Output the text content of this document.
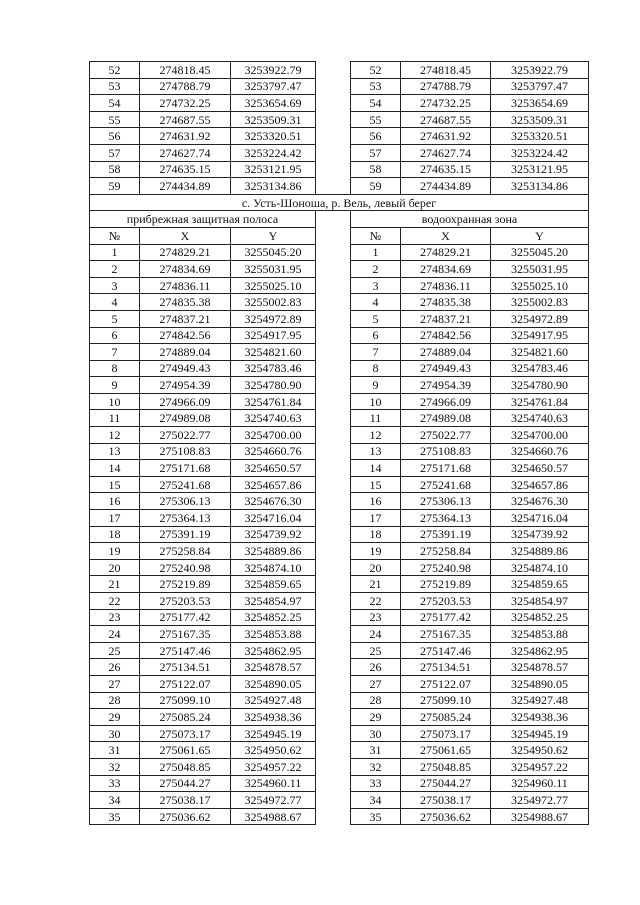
52	274818.45	3253922.79		52	274818.45	3253922.79
53	274788.79	3253797.47		53	274788.79	3253797.47
54	274732.25	3253654.69		54	274732.25	3253654.69
55	274687.55	3253509.31		55	274687.55	3253509.31
56	274631.92	3253320.51		56	274631.92	3253320.51
57	274627.74	3253224.42		57	274627.74	3253224.42
58	274635.15	3253121.95		58	274635.15	3253121.95
59	274434.89	3253134.86		59	274434.89	3253134.86
с. Усть-Шоноша, р. Вель, левый берег						
прибрежная защитная полоса				водоохранная зона		
№	X	Y		№	X	Y
1	274829.21	3255045.20		1	274829.21	3255045.20
2	274834.69	3255031.95		2	274834.69	3255031.95
3	274836.11	3255025.10		3	274836.11	3255025.10
4	274835.38	3255002.83		4	274835.38	3255002.83
5	274837.21	3254972.89		5	274837.21	3254972.89
6	274842.56	3254917.95		6	274842.56	3254917.95
7	274889.04	3254821.60		7	274889.04	3254821.60
8	274949.43	3254783.46		8	274949.43	3254783.46
9	274954.39	3254780.90		9	274954.39	3254780.90
10	274966.09	3254761.84		10	274966.09	3254761.84
11	274989.08	3254740.63		11	274989.08	3254740.63
12	275022.77	3254700.00		12	275022.77	3254700.00
13	275108.83	3254660.76		13	275108.83	3254660.76
14	275171.68	3254650.57		14	275171.68	3254650.57
15	275241.68	3254657.86		15	275241.68	3254657.86
16	275306.13	3254676.30		16	275306.13	3254676.30
17	275364.13	3254716.04		17	275364.13	3254716.04
18	275391.19	3254739.92		18	275391.19	3254739.92
19	275258.84	3254889.86		19	275258.84	3254889.86
20	275240.98	3254874.10		20	275240.98	3254874.10
21	275219.89	3254859.65		21	275219.89	3254859.65
22	275203.53	3254854.97		22	275203.53	3254854.97
23	275177.42	3254852.25		23	275177.42	3254852.25
24	275167.35	3254853.88		24	275167.35	3254853.88
25	275147.46	3254862.95		25	275147.46	3254862.95
26	275134.51	3254878.57		26	275134.51	3254878.57
27	275122.07	3254890.05		27	275122.07	3254890.05
28	275099.10	3254927.48		28	275099.10	3254927.48
29	275085.24	3254938.36		29	275085.24	3254938.36
30	275073.17	3254945.19		30	275073.17	3254945.19
31	275061.65	3254950.62		31	275061.65	3254950.62
32	275048.85	3254957.22		32	275048.85	3254957.22
33	275044.27	3254960.11		33	275044.27	3254960.11
34	275038.17	3254972.77		34	275038.17	3254972.77
35	275036.62	3254988.67		35	275036.62	3254988.67
